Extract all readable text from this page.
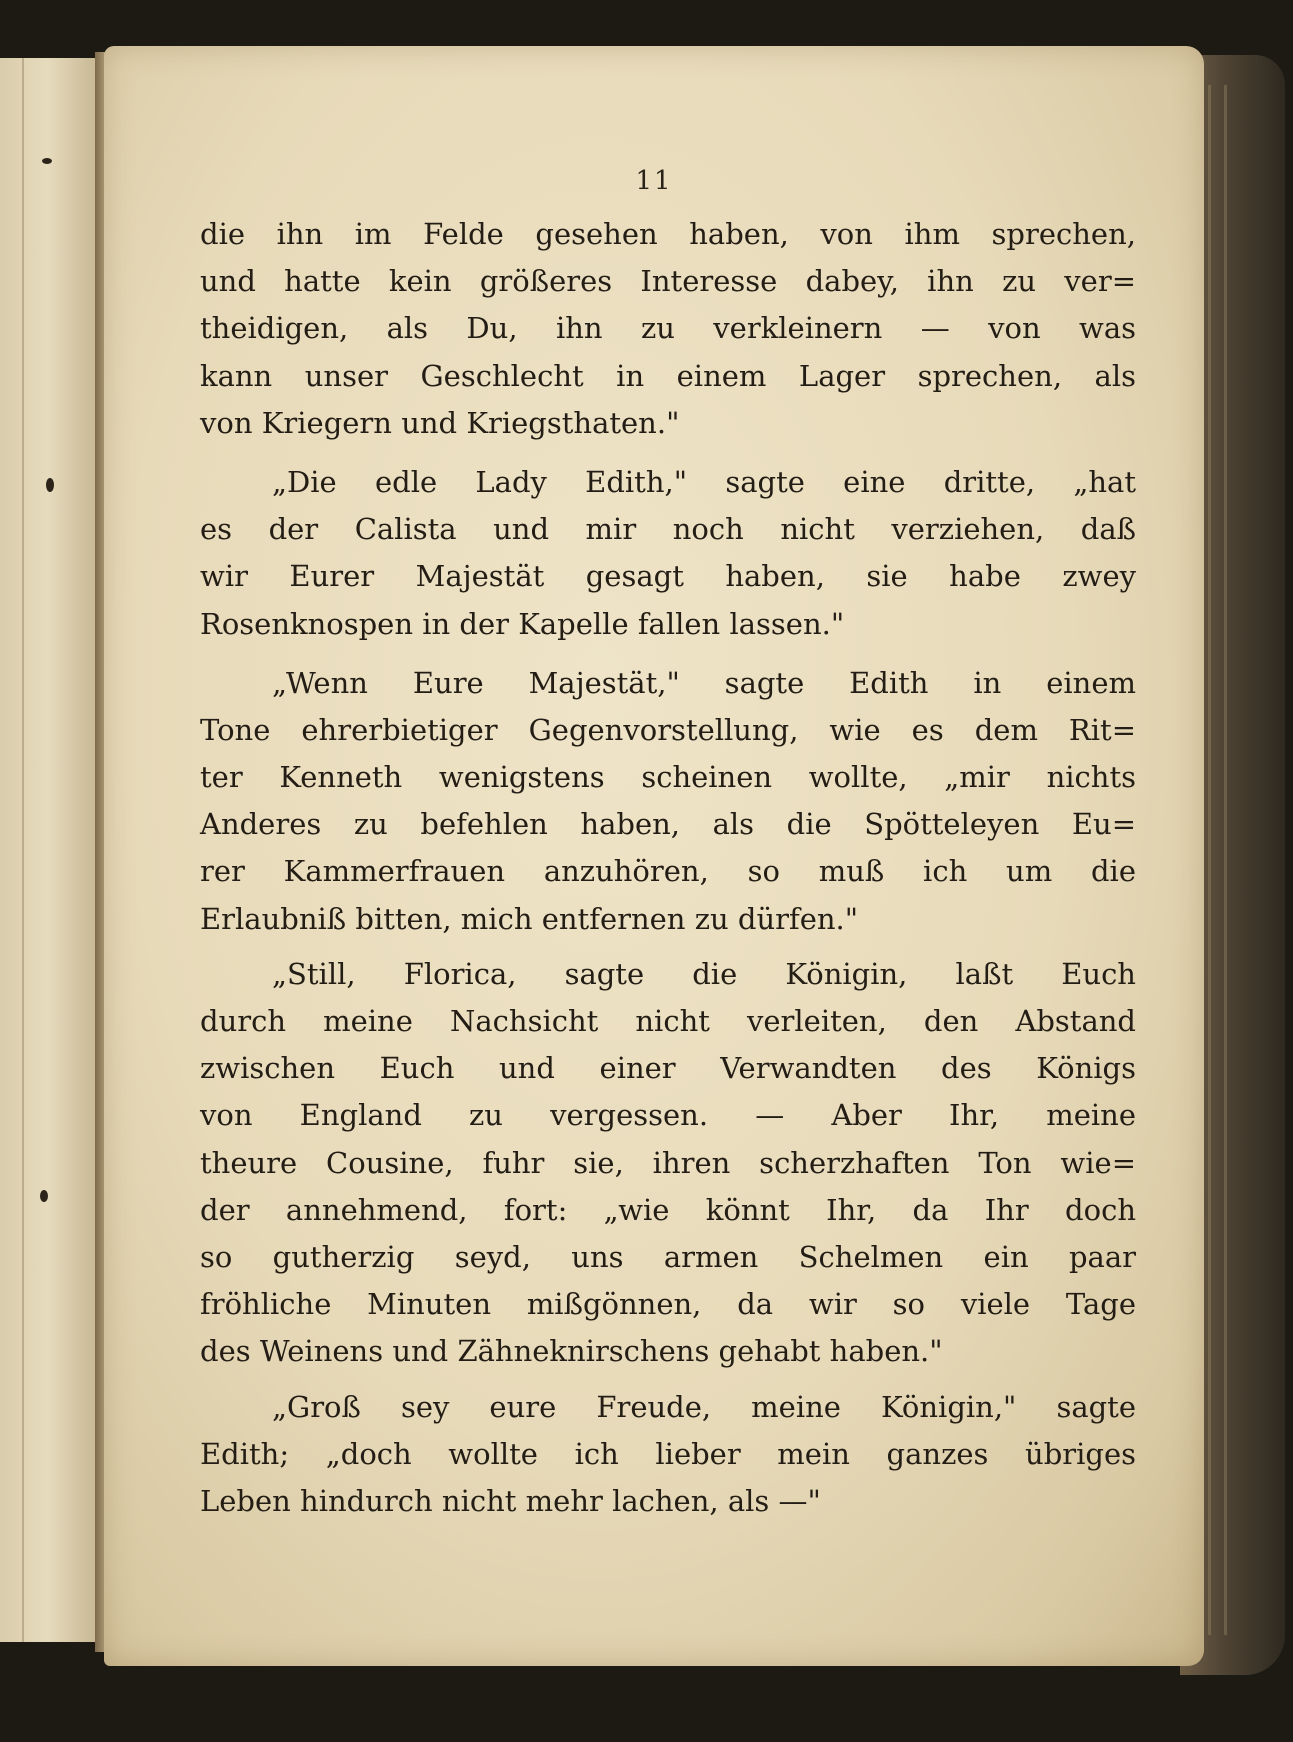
11
die ihn im Felde gesehen haben, von ihm sprechen,
und hatte kein größeres Interesse dabey, ihn zu ver=
theidigen, als Du, ihn zu verkleinern — von was
kann unser Geschlecht in einem Lager sprechen, als
von Kriegern und Kriegsthaten."
„Die edle Lady Edith," sagte eine dritte, „hat
es der Calista und mir noch nicht verziehen, daß
wir Eurer Majestät gesagt haben, sie habe zwey
Rosenknospen in der Kapelle fallen lassen."
„Wenn Eure Majestät," sagte Edith in einem
Tone ehrerbietiger Gegenvorstellung, wie es dem Rit=
ter Kenneth wenigstens scheinen wollte, „mir nichts
Anderes zu befehlen haben, als die Spötteleyen Eu=
rer Kammerfrauen anzuhören, so muß ich um die
Erlaubniß bitten, mich entfernen zu dürfen."
„Still, Florica, sagte die Königin, laßt Euch
durch meine Nachsicht nicht verleiten, den Abstand
zwischen Euch und einer Verwandten des Königs
von England zu vergessen. — Aber Ihr, meine
theure Cousine, fuhr sie, ihren scherzhaften Ton wie=
der annehmend, fort: „wie könnt Ihr, da Ihr doch
so gutherzig seyd, uns armen Schelmen ein paar
fröhliche Minuten mißgönnen, da wir so viele Tage
des Weinens und Zähneknirschens gehabt haben."
„Groß sey eure Freude, meine Königin," sagte
Edith; „doch wollte ich lieber mein ganzes übriges
Leben hindurch nicht mehr lachen, als —"
